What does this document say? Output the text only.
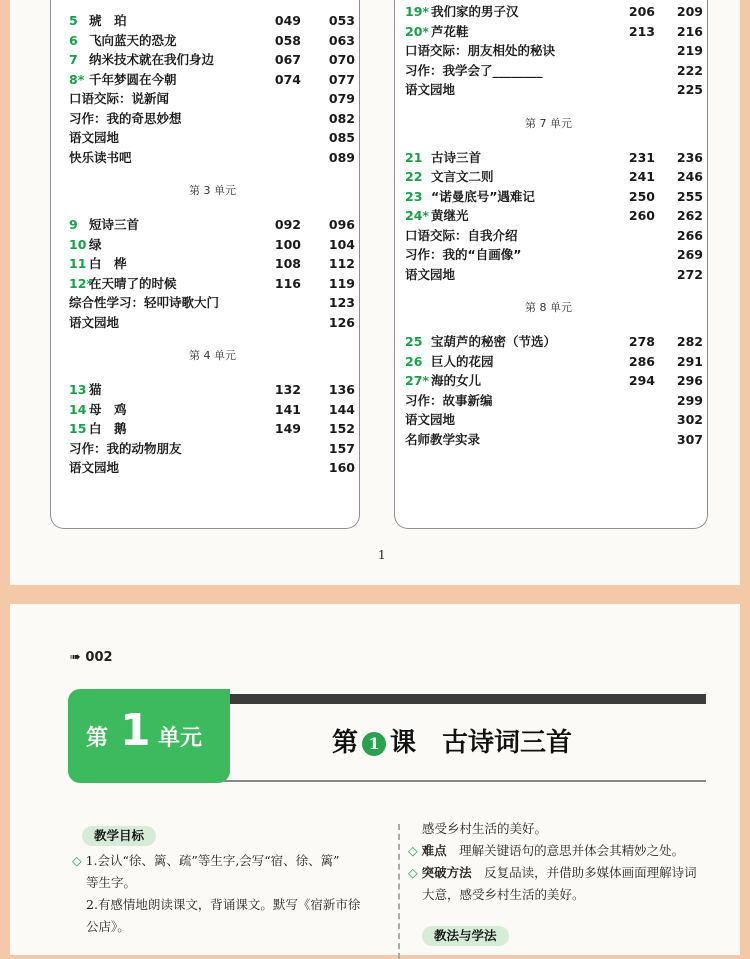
5 琥　珀	049	053
6 飞向蓝天的恐龙	058	063
7 纳米技术就在我们身边	067	070
8* 千年梦圆在今朝	074	077
口语交际：说新闻	079
习作：我的奇思妙想	082
语文园地	085
快乐读书吧	089
第 3 单元
9 短诗三首	092	096
10 绿	100	104
11 白　桦	108	112
12*在天晴了的时候	116	119
综合性学习：轻叩诗歌大门	123
语文园地	126
第 4 单元
13 猫	132	136
14 母　鸡	141	144
15 白　鹅	149	152
习作：我的动物朋友	157
语文园地	160
19* 我们家的男子汉	206	209
20* 芦花鞋	213	216
口语交际：朋友相处的秘诀	219
习作：我学会了________	222
语文园地	225
第 7 单元
21 古诗三首	231	236
22 文言文二则	241	246
23 “诺曼底号”遇难记	250	255
24* 黄继光	260	262
口语交际：自我介绍	266
习作：我的“自画像”	269
语文园地	272
第 8 单元
25 宝葫芦的秘密（节选）	278	282
26 巨人的花园	286	291
27* 海的女儿	294	296
习作：故事新编	299
语文园地	302
名师教学实录	307
1
➠ 002
第 1 单元	第 1 课　 古诗词三首
教学目标
◇ 1.会认“徐、篱、疏”等生字,会写“宿、徐、篱”
等生字。
2.有感情地朗读课文，背诵课文。默写《宿新市徐
公店》。
感受乡村生活的美好。
◇ 难点　 理解关键语句的意思并体会其精妙之处。
◇ 突破方法　 反复品读，并借助多媒体画面理解诗词
大意，感受乡村生活的美好。
教法与学法
